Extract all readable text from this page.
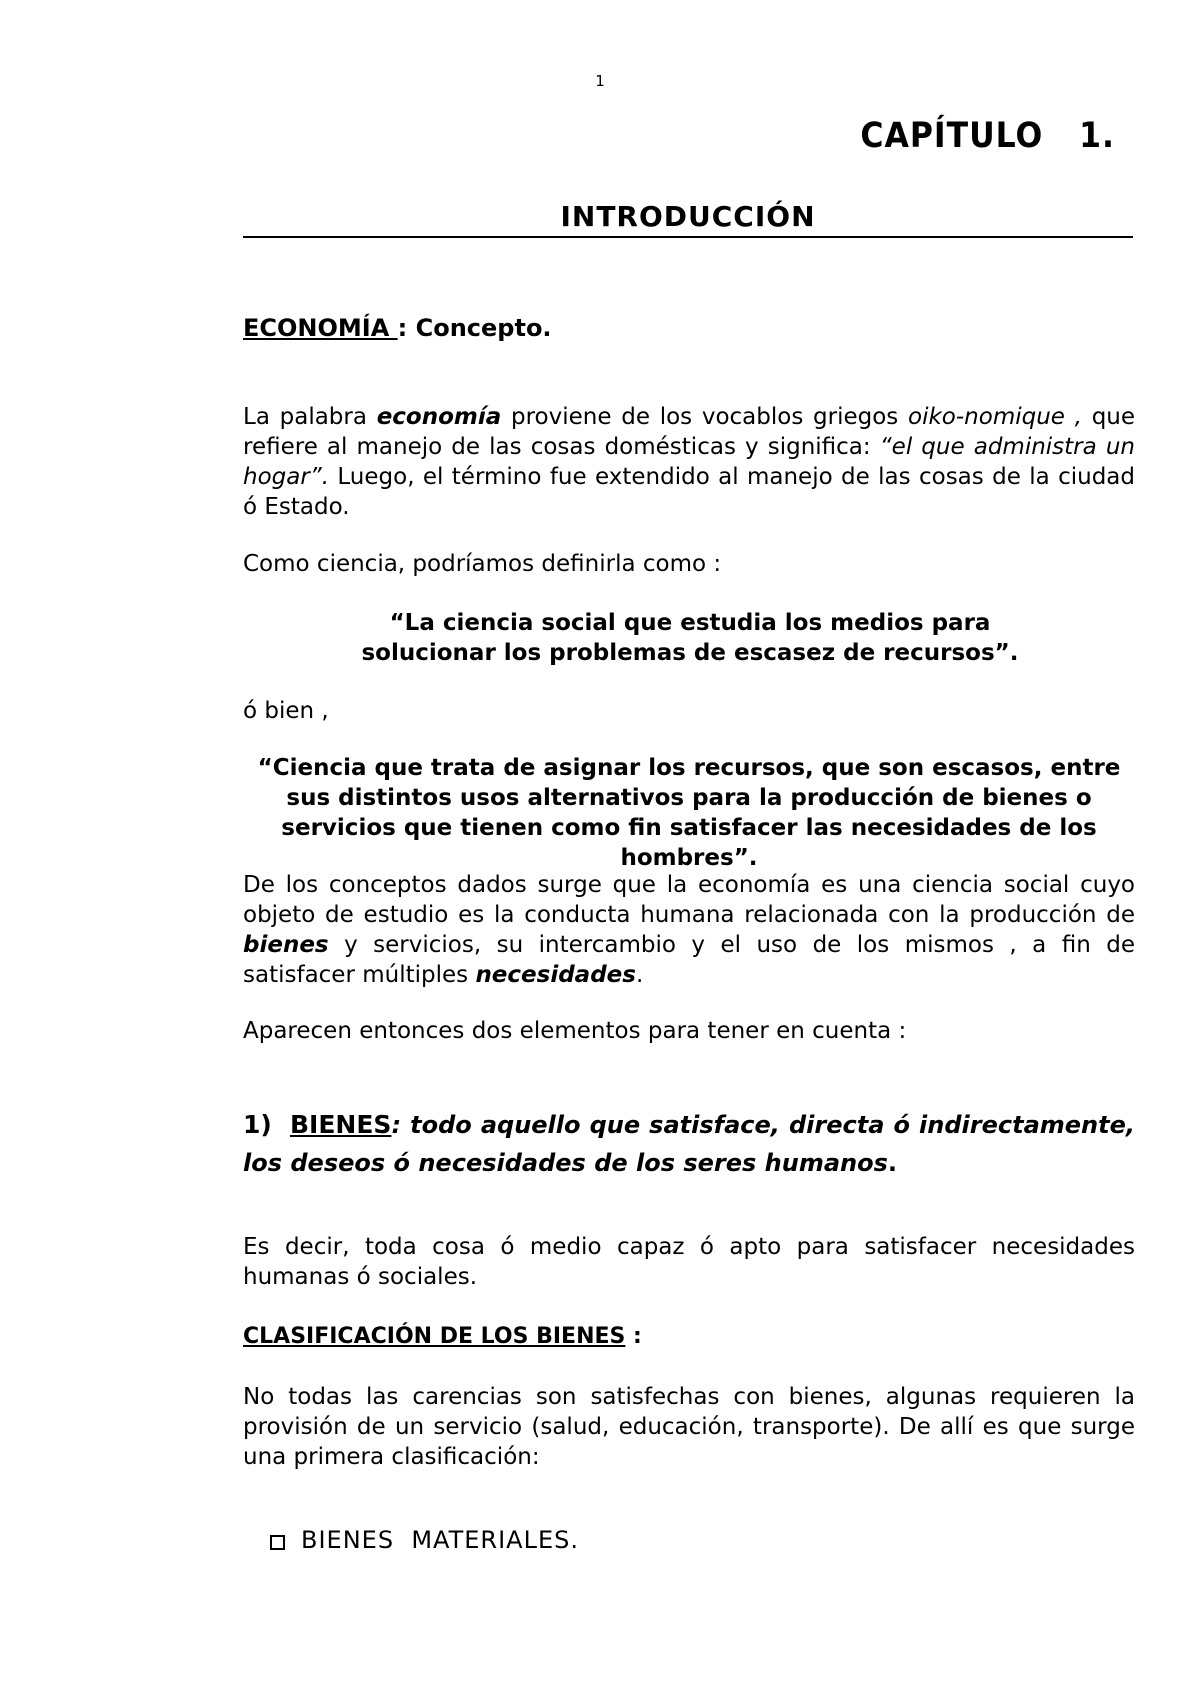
1

CAPÍTULO   1.
INTRODUCCIÓN

ECONOMÍA : Concepto.

La palabra economía proviene de los vocablos griegos oiko-nomique , que refiere al manejo de las cosas domésticas y significa: “el que administra un hogar”. Luego, el término fue extendido al manejo de las cosas de la ciudad ó Estado.

Como ciencia, podríamos definirla como :

“La ciencia social que estudia los medios para solucionar los problemas de escasez de recursos”.

ó bien ,

“Ciencia que trata de asignar los recursos, que son escasos, entre sus distintos usos alternativos para la producción de bienes o servicios que tienen como fin satisfacer las necesidades de los hombres”.

De los conceptos dados surge que la economía es una ciencia social cuyo objeto de estudio es la conducta humana relacionada con la producción de bienes y servicios, su intercambio y el uso de los mismos , a fin de satisfacer múltiples necesidades.

Aparecen entonces dos elementos para tener en cuenta :

1) BIENES: todo aquello que satisface, directa ó indirectamente, los deseos ó necesidades de los seres humanos.

Es decir, toda cosa ó medio capaz ó apto para satisfacer necesidades humanas ó sociales.

CLASIFICACIÓN DE LOS BIENES :

No todas las carencias son satisfechas con bienes, algunas requieren la provisión de un servicio (salud, educación, transporte). De allí es que surge una primera clasificación:

BIENES  MATERIALES.
